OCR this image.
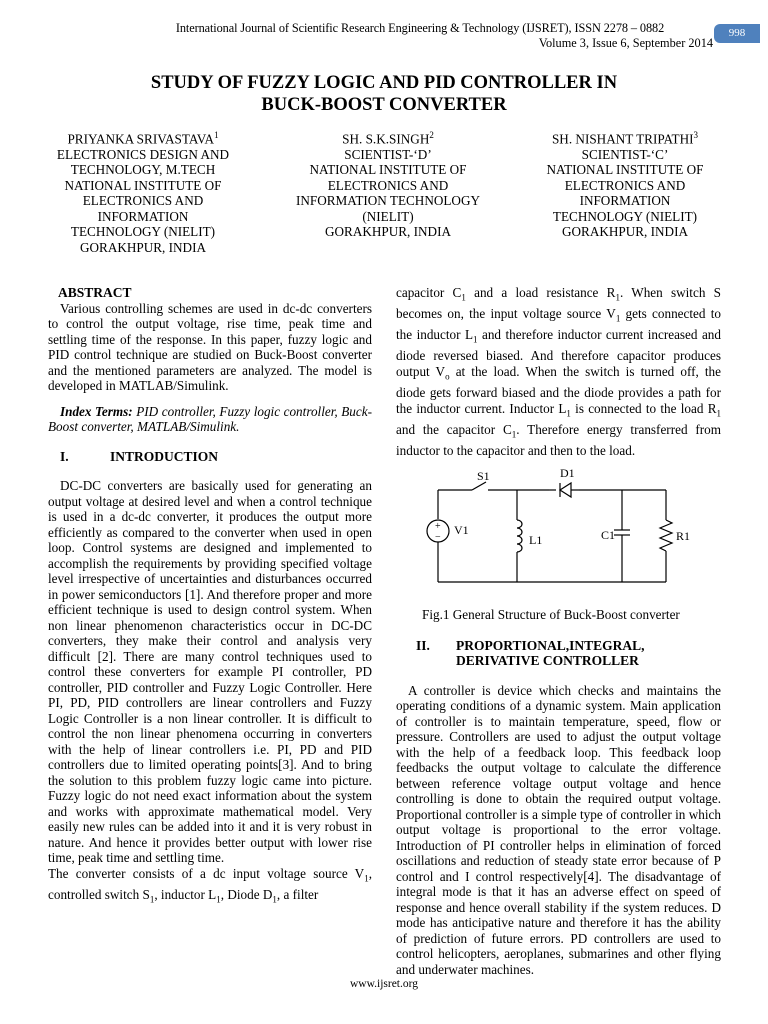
International Journal of Scientific Research Engineering & Technology (IJSRET), ISSN 2278 – 0882
Volume 3, Issue 6, September 2014
998
STUDY OF FUZZY LOGIC AND PID CONTROLLER IN
BUCK-BOOST CONVERTER

PRIYANKA SRIVASTAVA$^1$

ELECTRONICS DESIGN AND

TECHNOLOGY, M.TECH

NATIONAL INSTITUTE OF

ELECTRONICS AND

INFORMATION

TECHNOLOGY (NIELIT)

GORAKHPUR, INDIA

SH. S.K.SINGH$^2$

SCIENTIST-‘D’

NATIONAL INSTITUTE OF

ELECTRONICS AND

INFORMATION TECHNOLOGY

(NIELIT)

GORAKHPUR, INDIA

SH. NISHANT TRIPATHI$^3$

SCIENTIST-‘C’

NATIONAL INSTITUTE OF

ELECTRONICS AND

INFORMATION

TECHNOLOGY (NIELIT)

GORAKHPUR, INDIA

ABSTRACT

Various controlling schemes are used in dc-dc converters to control the output voltage, rise time, peak time and settling time of the response. In this paper, fuzzy logic and PID control technique are studied on Buck-Boost converter and the mentioned parameters are analyzed. The model is developed in MATLAB/Simulink.

Index Terms: PID controller, Fuzzy logic controller, Buck-Boost converter, MATLAB/Simulink.

I.	INTRODUCTION

DC-DC converters are basically used for generating an output voltage at desired level and when a control technique is used in a dc-dc converter, it produces the output more efficiently as compared to the converter when used in open loop. Control systems are designed and implemented to accomplish the requirements by providing specified voltage level irrespective of uncertainties and disturbances occurred in power semiconductors [1]. And therefore proper and more efficient technique is used to design control system. When non linear phenomenon characteristics occur in DC-DC converters, they make their control and analysis very difficult [2]. There are many control techniques used to control these converters for example PI controller, PD controller, PID controller and Fuzzy Logic Controller. Here PI, PD, PID controllers are linear controllers and Fuzzy Logic Controller is a non linear controller. It is difficult to control the non linear phenomena occurring in converters with the help of linear controllers i.e. PI, PD and PID controllers due to limited operating points[3]. And to bring the solution to this problem fuzzy logic came into picture. Fuzzy logic do not need exact information about the system and works with approximate mathematical model. Very easily new rules can be added into it and it is very robust in nature. And hence it provides better output with lower rise time, peak time and settling time.

The converter consists of a dc input voltage source $V_1$, controlled switch $S_1$, inductor $L_1$, Diode $D_1$, a filter

capacitor $C_1$ and a load resistance $R_1$. When switch S becomes on, the input voltage source $V_1$ gets connected to the inductor $L_1$ and therefore inductor current increased and diode reversed biased. And therefore capacitor produces output $V_o$ at the load. When the switch is turned off, the diode gets forward biased and the diode provides a path for the inductor current. Inductor $L_1$ is connected to the load $R_1$ and the capacitor $C_1$. Therefore energy transferred from inductor to the capacitor and then to the load.

+
−
V1
S1	D1
L1	C1	R1

Fig.1 General Structure of Buck-Boost converter

II.	PROPORTIONAL,INTEGRAL, DERIVATIVE CONTROLLER

A controller is device which checks and maintains the operating conditions of a dynamic system. Main application of controller is to maintain temperature, speed, flow or pressure. Controllers are used to adjust the output voltage with the help of a feedback loop. This feedback loop feedbacks the output voltage to calculate the difference between reference voltage output voltage and hence controlling is done to obtain the required output voltage. Proportional controller is a simple type of controller in which output voltage is proportional to the error voltage. Introduction of PI controller helps in elimination of forced oscillations and reduction of steady state error because of P control and I control respectively[4]. The disadvantage of integral mode is that it has an adverse effect on speed of response and hence overall stability if the system reduces. D mode has anticipative nature and therefore it has the ability of prediction of future errors. PD controllers are used to control helicopters, aeroplanes, submarines and other flying and underwater machines.

www.ijsret.org
